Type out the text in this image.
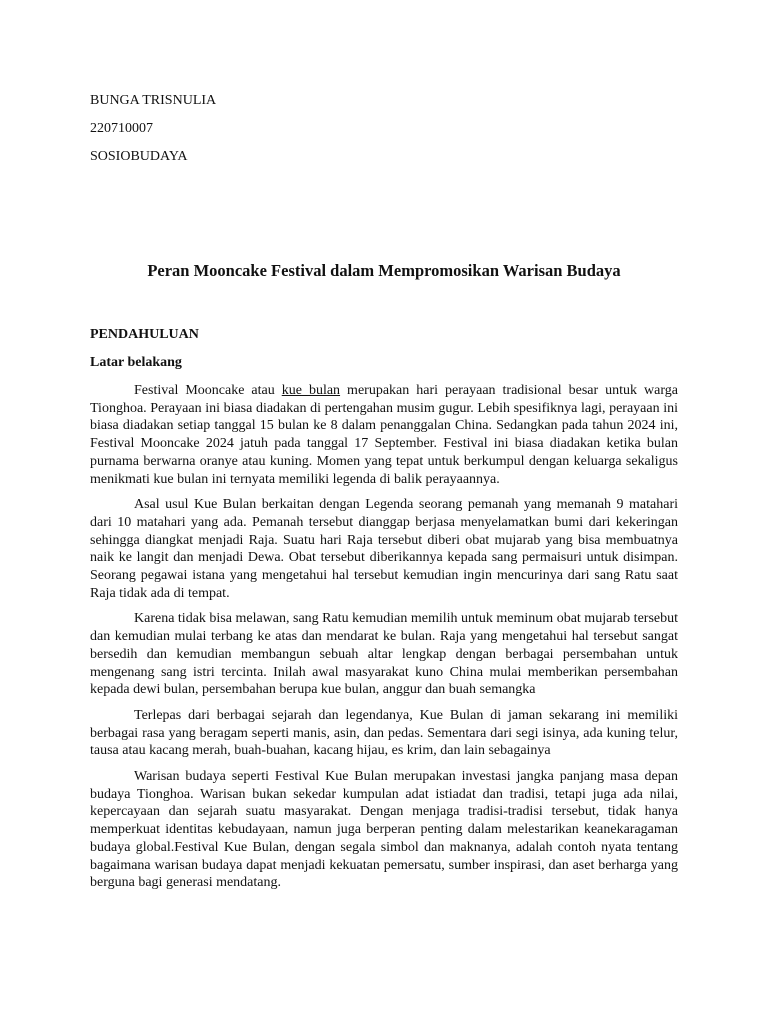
BUNGA TRISNULIA
220710007
SOSIOBUDAYA
Peran Mooncake Festival dalam Mempromosikan Warisan Budaya
PENDAHULUAN
Latar belakang

Festival Mooncake atau kue bulan merupakan hari perayaan tradisional besar untuk warga Tionghoa. Perayaan ini biasa diadakan di pertengahan musim gugur. Lebih spesifiknya lagi, perayaan ini biasa diadakan setiap tanggal 15 bulan ke 8 dalam penanggalan China. Sedangkan pada tahun 2024 ini, Festival Mooncake 2024 jatuh pada tanggal 17 September. Festival ini biasa diadakan ketika bulan purnama berwarna oranye atau kuning. Momen yang tepat untuk berkumpul dengan keluarga sekaligus menikmati kue bulan ini ternyata memiliki legenda di balik perayaannya.

Asal usul Kue Bulan berkaitan dengan Legenda seorang pemanah yang memanah 9 matahari dari 10 matahari yang ada. Pemanah tersebut dianggap berjasa menyelamatkan bumi dari kekeringan sehingga diangkat menjadi Raja. Suatu hari Raja tersebut diberi obat mujarab yang bisa membuatnya naik ke langit dan menjadi Dewa. Obat tersebut diberikannya kepada sang permaisuri untuk disimpan. Seorang pegawai istana yang mengetahui hal tersebut kemudian ingin mencurinya dari sang Ratu saat Raja tidak ada di tempat.

Karena tidak bisa melawan, sang Ratu kemudian memilih untuk meminum obat mujarab tersebut dan kemudian mulai terbang ke atas dan mendarat ke bulan. Raja yang mengetahui hal tersebut sangat bersedih dan kemudian membangun sebuah altar lengkap dengan berbagai persembahan untuk mengenang sang istri tercinta. Inilah awal masyarakat kuno China mulai memberikan persembahan kepada dewi bulan, persembahan berupa kue bulan, anggur dan buah semangka

Terlepas dari berbagai sejarah dan legendanya, Kue Bulan di jaman sekarang ini memiliki berbagai rasa yang beragam seperti manis, asin, dan pedas. Sementara dari segi isinya, ada kuning telur, tausa atau kacang merah, buah-buahan, kacang hijau, es krim, dan lain sebagainya

Warisan budaya seperti Festival Kue Bulan merupakan investasi jangka panjang masa depan budaya Tionghoa. Warisan bukan sekedar kumpulan adat istiadat dan tradisi, tetapi juga ada nilai, kepercayaan dan sejarah suatu masyarakat. Dengan menjaga tradisi-tradisi tersebut, tidak hanya memperkuat identitas kebudayaan, namun juga berperan penting dalam melestarikan keanekaragaman budaya global.Festival Kue Bulan, dengan segala simbol dan maknanya, adalah contoh nyata tentang bagaimana warisan budaya dapat menjadi kekuatan pemersatu, sumber inspirasi, dan aset berharga yang berguna bagi generasi mendatang.
